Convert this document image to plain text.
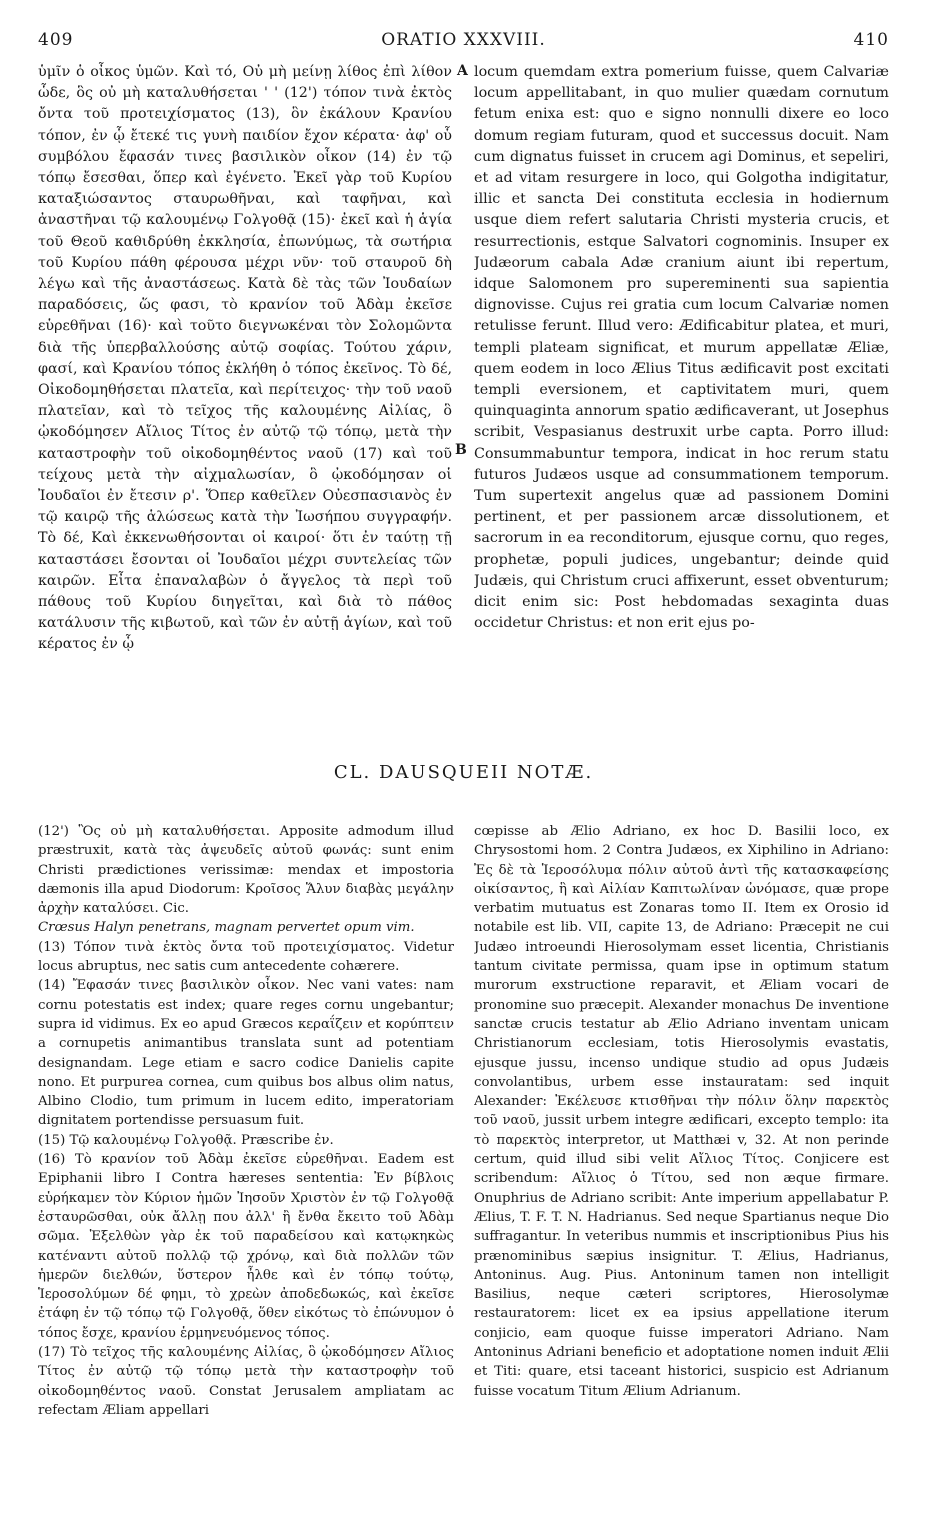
409	ORATIO XXXVIII.	410

ὑμῖν ὁ οἶκος ὑμῶν. Καὶ τό, Οὐ μὴ μείνῃ λίθος ἐπὶ λίθον ὧδε, ὃς οὐ μὴ καταλυθήσεται ' ' (12') τόπον τινὰ ἐκτὸς ὄντα τοῦ προτειχίσματος (13), ὃν ἐκάλουν Κρανίου τόπον, ἐν ᾧ ἔτεκέ τις γυνὴ παιδίον ἔχον κέρατα· ἀφ' οὗ συμβόλου ἔφασάν τινες βασιλικὸν οἶκον (14) ἐν τῷ τόπῳ ἔσεσθαι, ὅπερ καὶ ἐγένετο. Ἐκεῖ γὰρ τοῦ Κυρίου καταξιώσαντος σταυρωθῆναι, καὶ ταφῆναι, καὶ ἀναστῆναι τῷ καλουμένῳ Γολγοθᾷ (15)· ἐκεῖ καὶ ἡ ἁγία τοῦ Θεοῦ καθιδρύθη ἐκκλησία, ἐπωνύμως, τὰ σωτήρια τοῦ Κυρίου πάθη φέρουσα μέχρι νῦν· τοῦ σταυροῦ δὴ λέγω καὶ τῆς ἀναστάσεως. Κατὰ δὲ τὰς τῶν Ἰουδαίων παραδόσεις, ὥς φασι, τὸ κρανίον τοῦ Ἀδὰμ ἐκεῖσε εὑρεθῆναι (16)· καὶ τοῦτο διεγνωκέναι τὸν Σολομῶντα διὰ τῆς ὑπερβαλλούσης αὐτῷ σοφίας. Τούτου χάριν, φασί, καὶ Κρανίου τόπος ἐκλήθη ὁ τόπος ἐκεῖνος. Τὸ δέ, Οἰκοδομηθήσεται πλατεῖα, καὶ περίτειχος· τὴν τοῦ ναοῦ πλατεῖαν, καὶ τὸ τεῖχος τῆς καλουμένης Αἰλίας, ὃ ᾠκοδόμησεν Αἴλιος Τίτος ἐν αὐτῷ τῷ τόπῳ, μετὰ τὴν καταστροφὴν τοῦ οἰκοδομηθέντος ναοῦ (17) καὶ τοῦ τείχους μετὰ τὴν αἰχμαλωσίαν, ὃ ᾠκοδόμησαν οἱ Ἰουδαῖοι ἐν ἔτεσιν ρ'. Ὅπερ καθεῖλεν Οὐεσπασιανὸς ἐν τῷ καιρῷ τῆς ἁλώσεως κατὰ τὴν Ἰωσήπου συγγραφήν. Τὸ δέ, Καὶ ἐκκενωθήσονται οἱ καιροί· ὅτι ἐν ταύτῃ τῇ καταστάσει ἔσονται οἱ Ἰουδαῖοι μέχρι συντελείας τῶν καιρῶν. Εἶτα ἐπαναλαβὼν ὁ ἄγγελος τὰ περὶ τοῦ πάθους τοῦ Κυρίου διηγεῖται, καὶ διὰ τὸ πάθος κατάλυσιν τῆς κιβωτοῦ, καὶ τῶν ἐν αὐτῇ ἁγίων, καὶ τοῦ κέρατος ἐν ᾧ

A
B

locum quemdam extra pomerium fuisse, quem Calvariæ locum appellitabant, in quo mulier quædam cornutum fetum enixa est: quo e signo nonnulli dixere eo loco domum regiam futuram, quod et successus docuit. Nam cum dignatus fuisset in crucem agi Dominus, et sepeliri, et ad vitam resurgere in loco, qui Golgotha indigitatur, illic et sancta Dei constituta ecclesia in hodiernum usque diem refert salutaria Christi mysteria crucis, et resurrectionis, estque Salvatori cognominis. Insuper ex Judæorum cabala Adæ cranium aiunt ibi repertum, idque Salomonem pro supereminenti sua sapientia dignovisse. Cujus rei gratia cum locum Calvariæ nomen retulisse ferunt. Illud vero: Ædificabitur platea, et muri, templi plateam significat, et murum appellatæ Æliæ, quem eodem in loco Ælius Titus ædificavit post excitati templi eversionem, et captivitatem muri, quem quinquaginta annorum spatio ædificaverant, ut Josephus scribit, Vespasianus destruxit urbe capta. Porro illud: Consummabuntur tempora, indicat in hoc rerum statu futuros Judæos usque ad consummationem temporum. Tum supertexit angelus quæ ad passionem Domini pertinent, et per passionem arcæ dissolutionem, et sacrorum in ea reconditorum, ejusque cornu, quo reges, prophetæ, populi judices, ungebantur; deinde quid Judæis, qui Christum cruci affixerunt, esset obventurum; dicit enim sic: Post hebdomadas sexaginta duas occidetur Christus: et non erit ejus po-

CL. DAUSQUEII NOTÆ.

(12') Ὃς οὐ μὴ καταλυθήσεται. Apposite admodum illud præstruxit, κατὰ τὰς ἀψευδεῖς αὐτοῦ φωνάς: sunt enim Christi prædictiones verissimæ: mendax et impostoria dæmonis illa apud Diodorum: Κροῖσος Ἅλυν διαβὰς μεγάλην ἀρχὴν καταλύσει. Cic.

Crœsus Halyn penetrans, magnam pervertet opum vim.

(13) Τόπον τινὰ ἐκτὸς ὄντα τοῦ προτειχίσματος. Videtur locus abruptus, nec satis cum antecedente cohærere.

(14) Ἔφασάν τινες βασιλικὸν οἶκον. Nec vani vates: nam cornu potestatis est index; quare reges cornu ungebantur; supra id vidimus. Ex eo apud Græcos κεραΐζειν et κορύπτειν a cornupetis animantibus translata sunt ad potentiam designandam. Lege etiam e sacro codice Danielis capite nono. Et purpurea cornea, cum quibus bos albus olim natus, Albino Clodio, tum primum in lucem edito, imperatoriam dignitatem portendisse persuasum fuit.

(15) Τῷ καλουμένῳ Γολγοθᾷ. Præscribe ἐν.

(16) Τὸ κρανίον τοῦ Ἀδὰμ ἐκεῖσε εὑρεθῆναι. Eadem est Epiphanii libro I Contra hæreses sententia: Ἐν βίβλοις εὑρήκαμεν τὸν Κύριον ἡμῶν Ἰησοῦν Χριστὸν ἐν τῷ Γολγοθᾷ ἐσταυρῶσθαι, οὐκ ἄλλῃ που ἀλλ' ἢ ἔνθα ἔκειτο τοῦ Ἀδὰμ σῶμα. Ἐξελθὼν γὰρ ἐκ τοῦ παραδείσου καὶ κατῳκηκὼς κατέναντι αὐτοῦ πολλῷ τῷ χρόνῳ, καὶ διὰ πολλῶν τῶν ἡμερῶν διελθών, ὕστερον ἦλθε καὶ ἐν τόπῳ τούτῳ, Ἱεροσολύμων δέ φημι, τὸ χρεὼν ἀποδεδωκώς, καὶ ἐκεῖσε ἐτάφη ἐν τῷ τόπῳ τῷ Γολγοθᾷ, ὅθεν εἰκότως τὸ ἐπώνυμον ὁ τόπος ἔσχε, κρανίου ἑρμηνευόμενος τόπος.

(17) Τὸ τεῖχος τῆς καλουμένης Αἰλίας, ὃ ᾠκοδόμησεν Αἴλιος Τίτος ἐν αὐτῷ τῷ τόπῳ μετὰ τὴν καταστροφὴν τοῦ οἰκοδομηθέντος ναοῦ. Constat Jerusalem ampliatam ac refectam Æliam appellari

cœpisse ab Ælio Adriano, ex hoc D. Basilii loco, ex Chrysostomi hom. 2 Contra Judæos, ex Xiphilino in Adriano: Ἐς δὲ τὰ Ἱεροσόλυμα πόλιν αὐτοῦ ἀντὶ τῆς κατασκαφείσης οἰκίσαντος, ἣ καὶ Αἰλίαν Καπιτωλίναν ὠνόμασε, quæ prope verbatim mutuatus est Zonaras tomo II. Item ex Orosio id notabile est lib. VII, capite 13, de Adriano: Præcepit ne cui Judæo introeundi Hierosolymam esset licentia, Christianis tantum civitate permissa, quam ipse in optimum statum murorum exstructione reparavit, et Æliam vocari de pronomine suo præcepit. Alexander monachus De inventione sanctæ crucis testatur ab Ælio Adriano inventam unicam Christianorum ecclesiam, totis Hierosolymis evastatis, ejusque jussu, incenso undique studio ad opus Judæis convolantibus, urbem esse instauratam: sed inquit Alexander: Ἐκέλευσε κτισθῆναι τὴν πόλιν ὅλην παρεκτὸς τοῦ ναοῦ, jussit urbem integre ædificari, excepto templo: ita τὸ παρεκτὸς interpretor, ut Matthæi v, 32. At non perinde certum, quid illud sibi velit Αἴλιος Τίτος. Conjicere est scribendum: Αἴλιος ὁ Τίτου, sed non æque firmare. Onuphrius de Adriano scribit: Ante imperium appellabatur P. Ælius, T. F. T. N. Hadrianus. Sed neque Spartianus neque Dio suffragantur. In veteribus nummis et inscriptionibus Pius his prænominibus sæpius insignitur. T. Ælius, Hadrianus, Antoninus. Aug. Pius. Antoninum tamen non intelligit Basilius, neque cæteri scriptores, Hierosolymæ restauratorem: licet ex ea ipsius appellatione iterum conjicio, eam quoque fuisse imperatori Adriano. Nam Antoninus Adriani beneficio et adoptatione nomen induit Ælii et Titi: quare, etsi taceant historici, suspicio est Adrianum fuisse vocatum Titum Ælium Adrianum.
